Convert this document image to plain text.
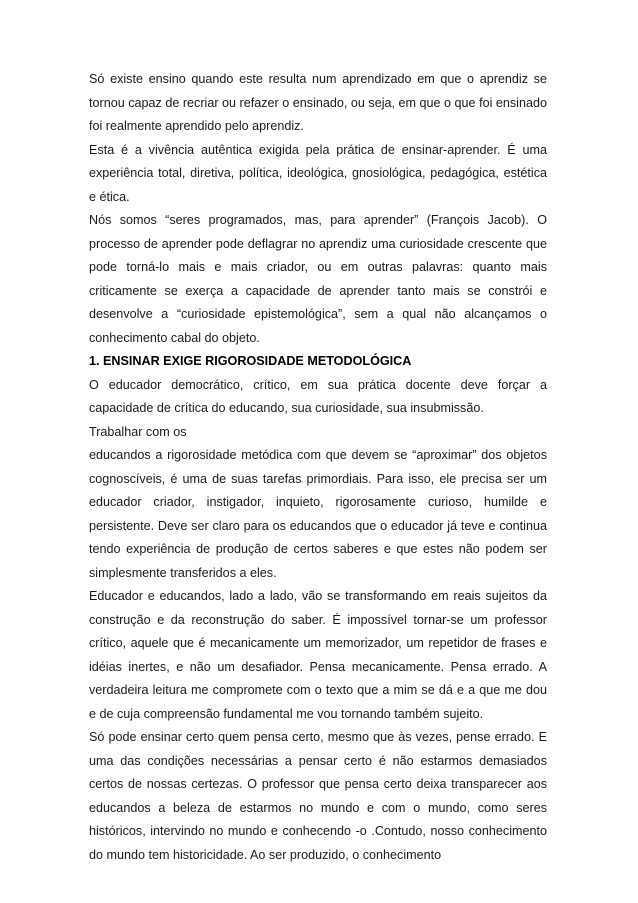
Só existe ensino quando este resulta num aprendizado em que o aprendiz se tornou capaz de recriar ou refazer o ensinado, ou seja, em que o que foi ensinado foi realmente aprendido pelo aprendiz.

Esta é a vivência autêntica exigida pela prática de ensinar-aprender. É uma experiência total, diretiva, política, ideológica, gnosiológica, pedagógica, estética e ética.

Nós somos “seres programados, mas, para aprender” (François Jacob). O processo de aprender pode deflagrar no aprendiz uma curiosidade crescente que pode torná-lo mais e mais criador, ou em outras palavras: quanto mais criticamente se exerça a capacidade de aprender tanto mais se constrói e desenvolve a “curiosidade epistemológica”, sem a qual não alcançamos o conhecimento cabal do objeto.

1. ENSINAR EXIGE RIGOROSIDADE METODOLÓGICA

O educador democrático, crítico, em sua prática docente deve forçar a capacidade de crítica do educando, sua curiosidade, sua insubmissão.

Trabalhar com os

educandos a rigorosidade metódica com que devem se “aproximar” dos objetos cognoscíveis, é uma de suas tarefas primordiais. Para isso, ele precisa ser um educador criador, instigador, inquieto, rigorosamente curioso, humilde e persistente. Deve ser claro para os educandos que o educador já teve e continua tendo experiência de produção de certos saberes e que estes não podem ser simplesmente transferidos a eles.

Educador e educandos, lado a lado, vão se transformando em reais sujeitos da construção e da reconstrução do saber. É impossível tornar-se um professor crítico, aquele que é mecanicamente um memorizador, um repetidor de frases e idéias inertes, e não um desafiador. Pensa mecanicamente. Pensa errado. A verdadeira leitura me compromete com o texto que a mim se dá e a que me dou e de cuja compreensão fundamental me vou tornando também sujeito.

Só pode ensinar certo quem pensa certo, mesmo que às vezes, pense errado. E uma das condições necessárias a pensar certo é não estarmos demasiados certos de nossas certezas. O professor que pensa certo deixa transparecer aos educandos a beleza de estarmos no mundo e com o mundo, como seres históricos, intervindo no mundo e conhecendo -o .Contudo, nosso conhecimento do mundo tem historicidade. Ao ser produzido, o conhecimento
